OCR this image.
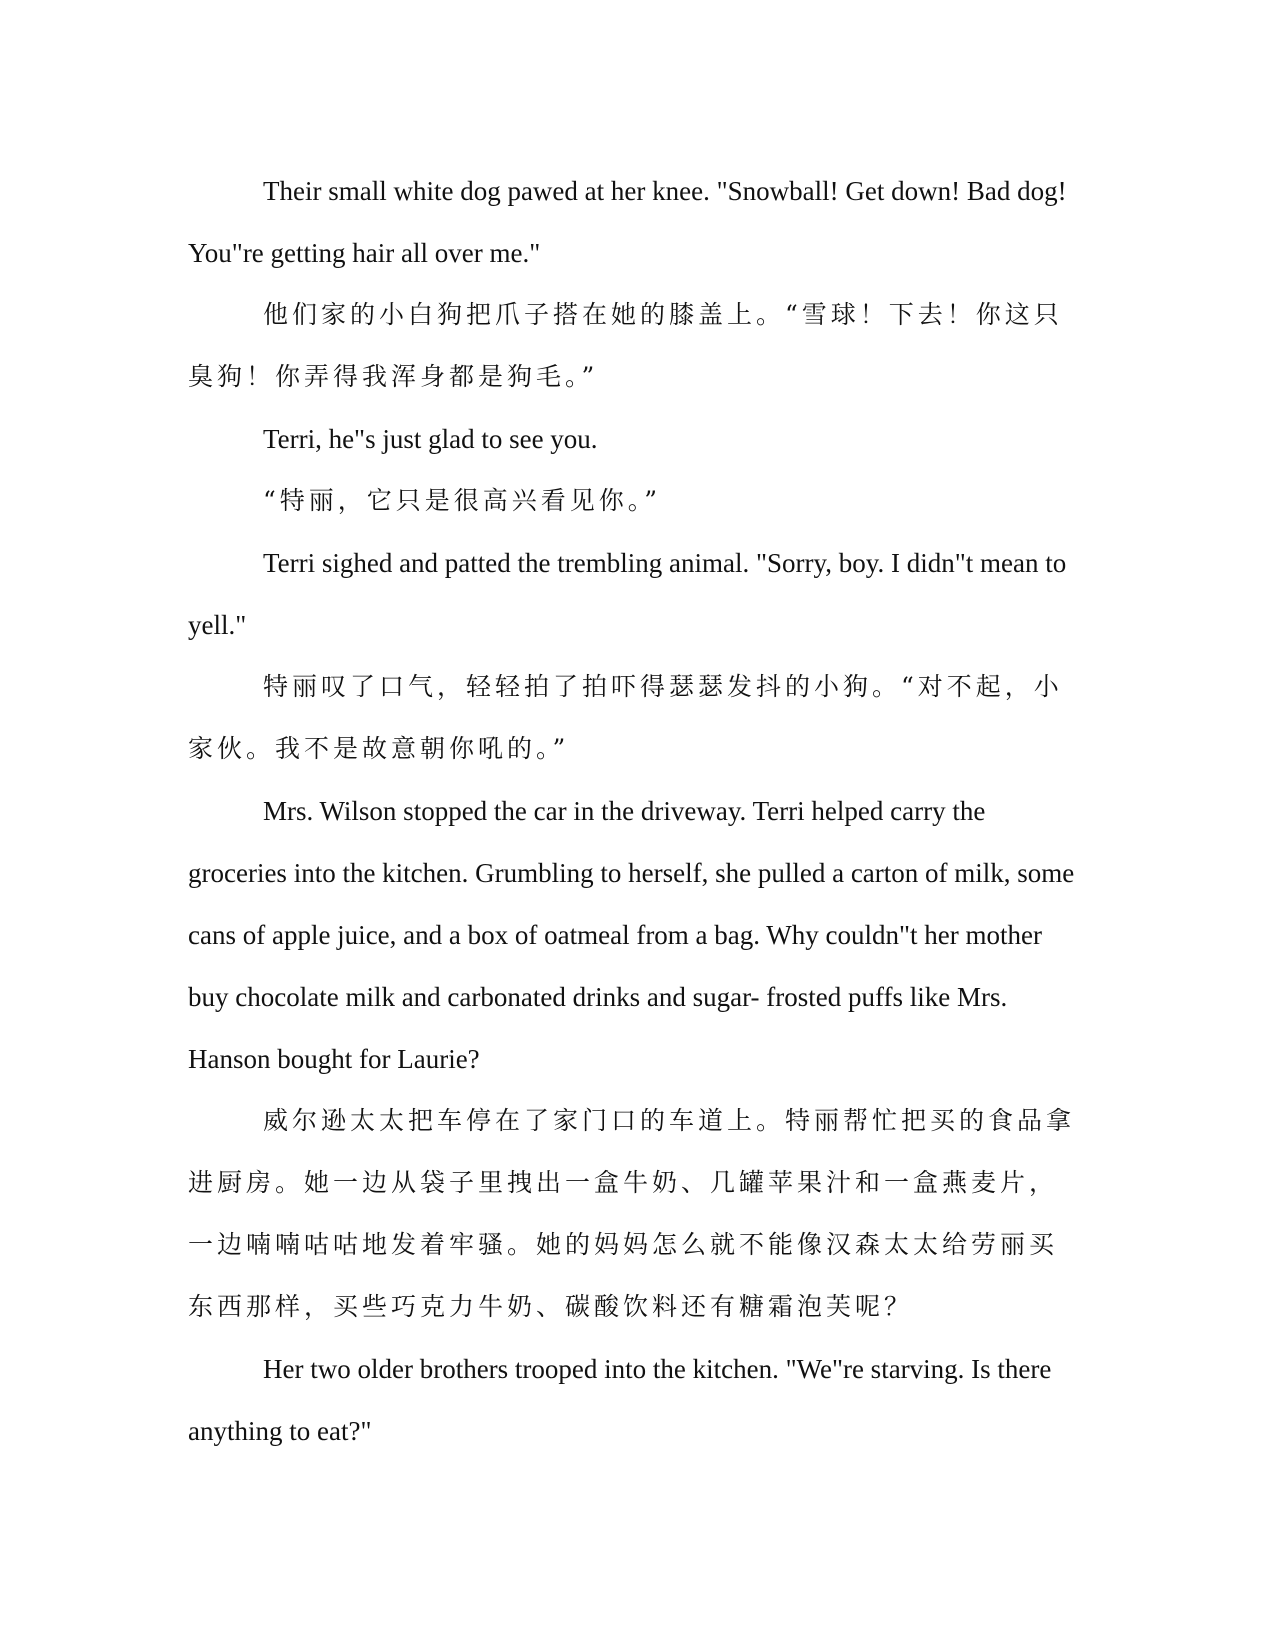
Their small white dog pawed at her knee. "Snowball! Get down! Bad dog! You"re getting hair all over me."

他们家的小白狗把爪子搭在她的膝盖上。“雪球！下去！你这只臭狗！你弄得我浑身都是狗毛。”

Terri, he"s just glad to see you.

“特丽，它只是很高兴看见你。”

Terri sighed and patted the trembling animal. "Sorry, boy. I didn"t mean to yell."

特丽叹了口气，轻轻拍了拍吓得瑟瑟发抖的小狗。“对不起，小家伙。我不是故意朝你吼的。”

Mrs. Wilson stopped the car in the driveway. Terri helped carry the groceries into the kitchen. Grumbling to herself, she pulled a carton of milk, some cans of apple juice, and a box of oatmeal from a bag. Why couldn"t her mother buy chocolate milk and carbonated drinks and sugar- frosted puffs like Mrs. Hanson bought for Laurie?

威尔逊太太把车停在了家门口的车道上。特丽帮忙把买的食品拿进厨房。她一边从袋子里拽出一盒牛奶、几罐苹果汁和一盒燕麦片，一边喃喃咕咕地发着牢骚。她的妈妈怎么就不能像汉森太太给劳丽买东西那样，买些巧克力牛奶、碳酸饮料还有糖霜泡芙呢？

Her two older brothers trooped into the kitchen. "We"re starving. Is there anything to eat?"
